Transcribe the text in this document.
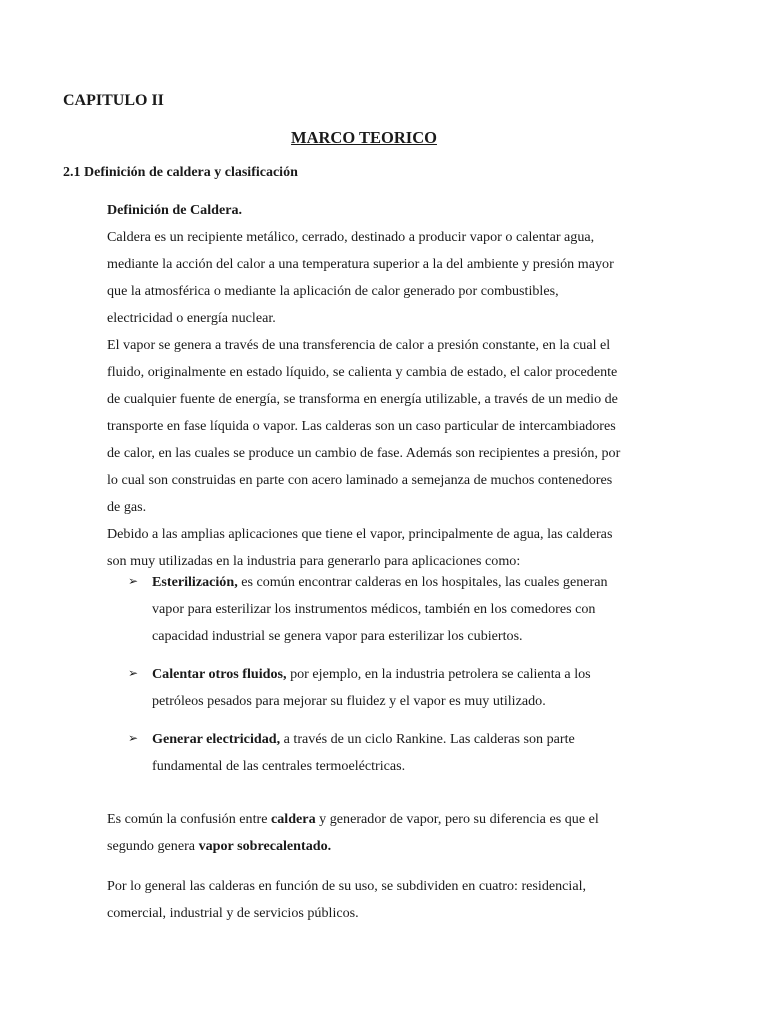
CAPITULO II
MARCO TEORICO
2.1 Definición de caldera y clasificación

Definición de Caldera.

Caldera es un recipiente metálico, cerrado, destinado a producir vapor o calentar agua,

mediante la acción del calor a una temperatura superior a la del ambiente y presión mayor

que la atmosférica o mediante la aplicación de calor generado por combustibles,

electricidad o energía nuclear.

El vapor se genera a través de una transferencia de calor a presión constante, en la cual el

fluido, originalmente en estado líquido, se calienta y cambia de estado, el calor procedente

de cualquier fuente de energía, se transforma en energía utilizable, a través de un medio de

transporte en fase líquida o vapor. Las calderas son un caso particular de intercambiadores

de calor, en las cuales se produce un cambio de fase. Además son recipientes a presión, por

lo cual son construidas en parte con acero laminado a semejanza de muchos contenedores

de gas.

Debido a las amplias aplicaciones que tiene el vapor, principalmente de agua, las calderas

son muy utilizadas en la industria para generarlo para aplicaciones como:

➢ Esterilización, es común encontrar calderas en los hospitales, las cuales generan

vapor para esterilizar los instrumentos médicos, también en los comedores con

capacidad industrial se genera vapor para esterilizar los cubiertos.

➢ Calentar otros fluidos, por ejemplo, en la industria petrolera se calienta a los

petróleos pesados para mejorar su fluidez y el vapor es muy utilizado.

➢ Generar electricidad, a través de un ciclo Rankine. Las calderas son parte

fundamental de las centrales termoeléctricas.

Es común la confusión entre caldera y generador de vapor, pero su diferencia es que el

segundo genera vapor sobrecalentado.

Por lo general las calderas en función de su uso, se subdividen en cuatro: residencial,

comercial, industrial y de servicios públicos.
